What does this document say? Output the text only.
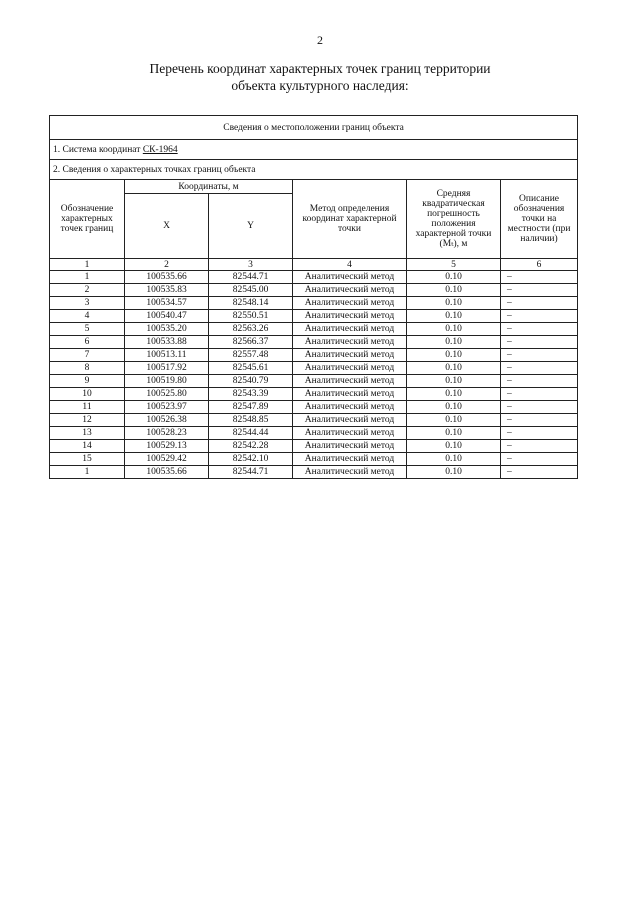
2
Перечень координат характерных точек границ территории
объекта культурного наследия:
Сведения о местоположении границ объекта					
1. Система координат СК-1964					
2. Сведения о характерных точках границ объекта					
Обозначение характерных точек границ	Координаты, м		Метод определения координат характерной точки	Средняя квадратическая погрешность положения характерной точки (Мₜ), м	Описание обозначения точки на местности (при наличии)
	X	Y			
1	2	3	4	5	6
1	100535.66	82544.71	Аналитический метод	0.10	–
2	100535.83	82545.00	Аналитический метод	0.10	–
3	100534.57	82548.14	Аналитический метод	0.10	–
4	100540.47	82550.51	Аналитический метод	0.10	–
5	100535.20	82563.26	Аналитический метод	0.10	–
6	100533.88	82566.37	Аналитический метод	0.10	–
7	100513.11	82557.48	Аналитический метод	0.10	–
8	100517.92	82545.61	Аналитический метод	0.10	–
9	100519.80	82540.79	Аналитический метод	0.10	–
10	100525.80	82543.39	Аналитический метод	0.10	–
11	100523.97	82547.89	Аналитический метод	0.10	–
12	100526.38	82548.85	Аналитический метод	0.10	–
13	100528.23	82544.44	Аналитический метод	0.10	–
14	100529.13	82542.28	Аналитический метод	0.10	–
15	100529.42	82542.10	Аналитический метод	0.10	–
1	100535.66	82544.71	Аналитический метод	0.10	–
